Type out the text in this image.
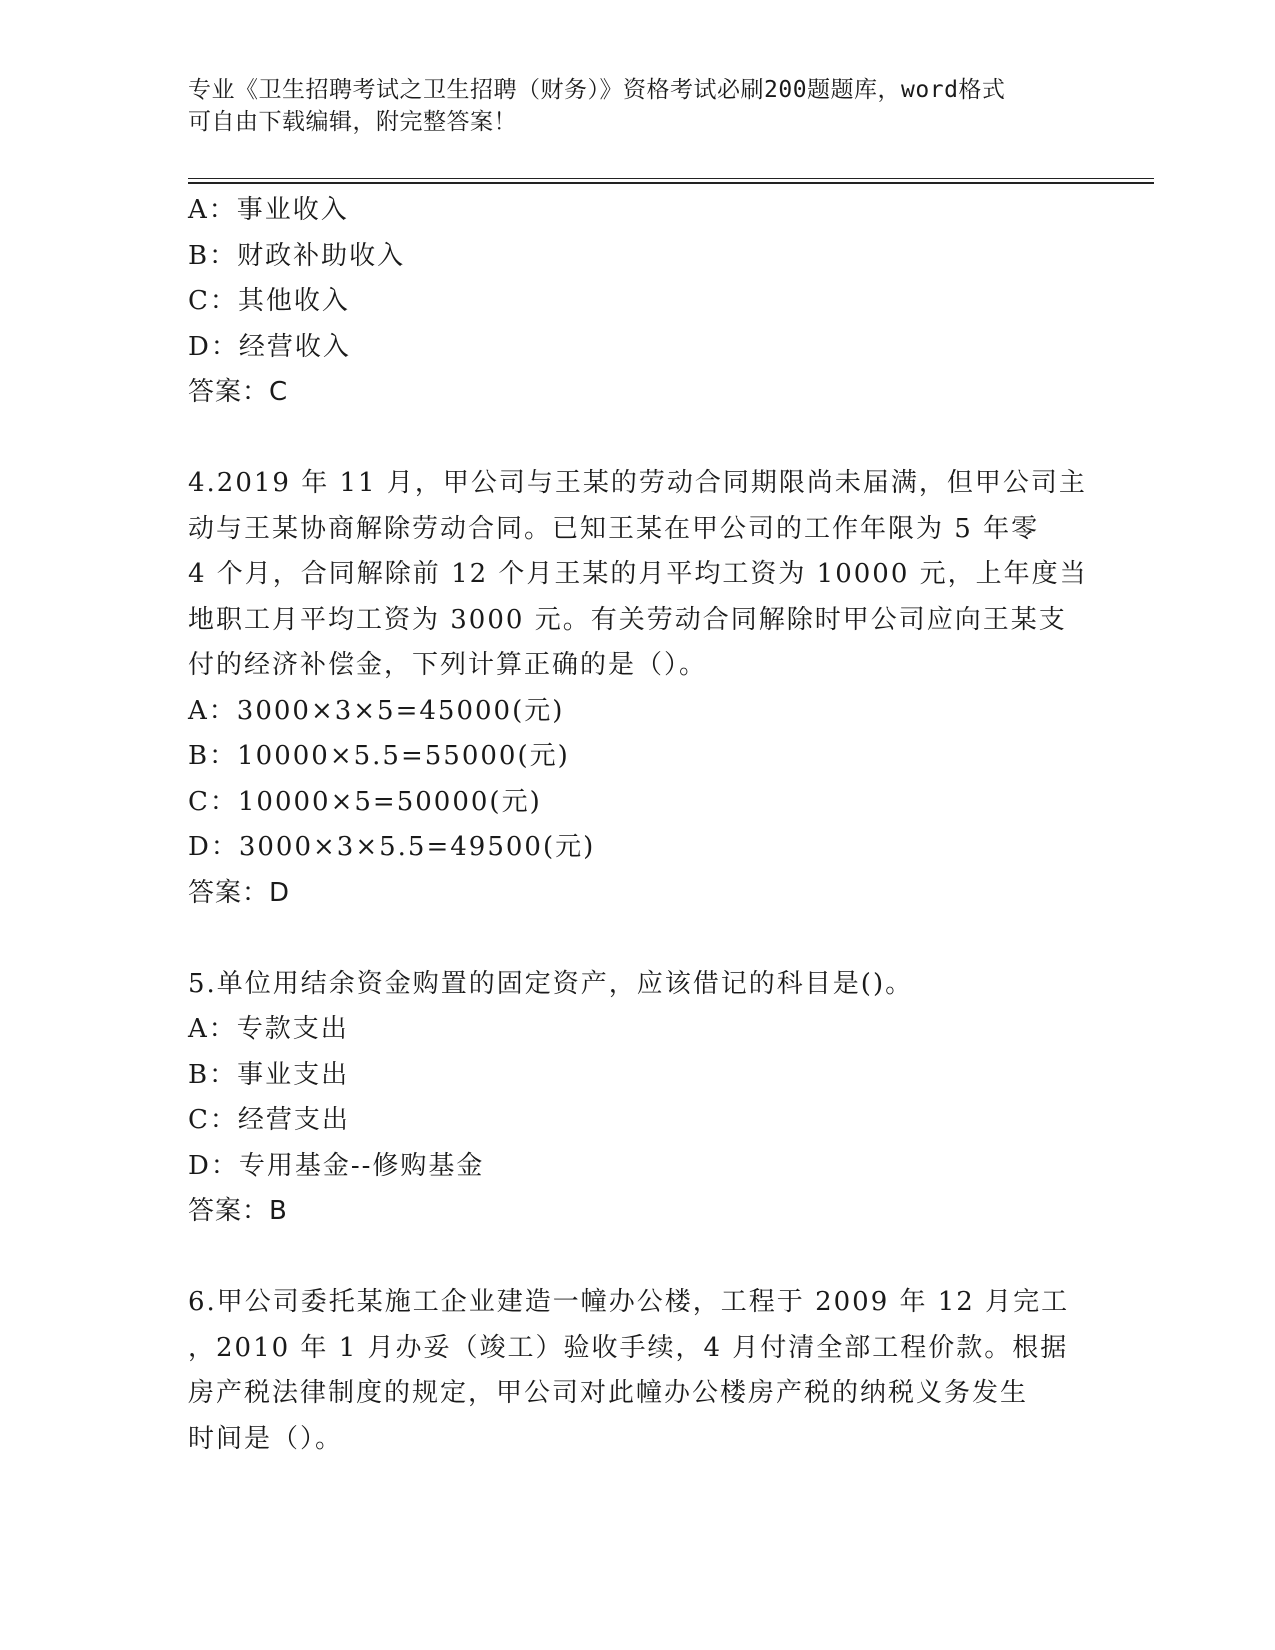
专业《卫生招聘考试之卫生招聘（财务）》资格考试必刷200题题库，word格式
可自由下载编辑，附完整答案！
A：事业收入
B：财政补助收入
C：其他收入
D：经营收入
答案：C
4.2019 年 11 月，甲公司与王某的劳动合同期限尚未届满，但甲公司主
动与王某协商解除劳动合同。已知王某在甲公司的工作年限为 5 年零
4 个月，合同解除前 12 个月王某的月平均工资为 10000 元，上年度当
地职工月平均工资为 3000 元。有关劳动合同解除时甲公司应向王某支
付的经济补偿金，下列计算正确的是（）。
A：3000×3×5=45000(元)
B：10000×5.5=55000(元)
C：10000×5=50000(元)
D：3000×3×5.5=49500(元)
答案：D
5.单位用结余资金购置的固定资产，应该借记的科目是()。
A：专款支出
B：事业支出
C：经营支出
D：专用基金--修购基金
答案：B
6.甲公司委托某施工企业建造一幢办公楼，工程于 2009 年 12 月完工
，2010 年 1 月办妥（竣工）验收手续，4 月付清全部工程价款。根据
房产税法律制度的规定，甲公司对此幢办公楼房产税的纳税义务发生
时间是（）。
